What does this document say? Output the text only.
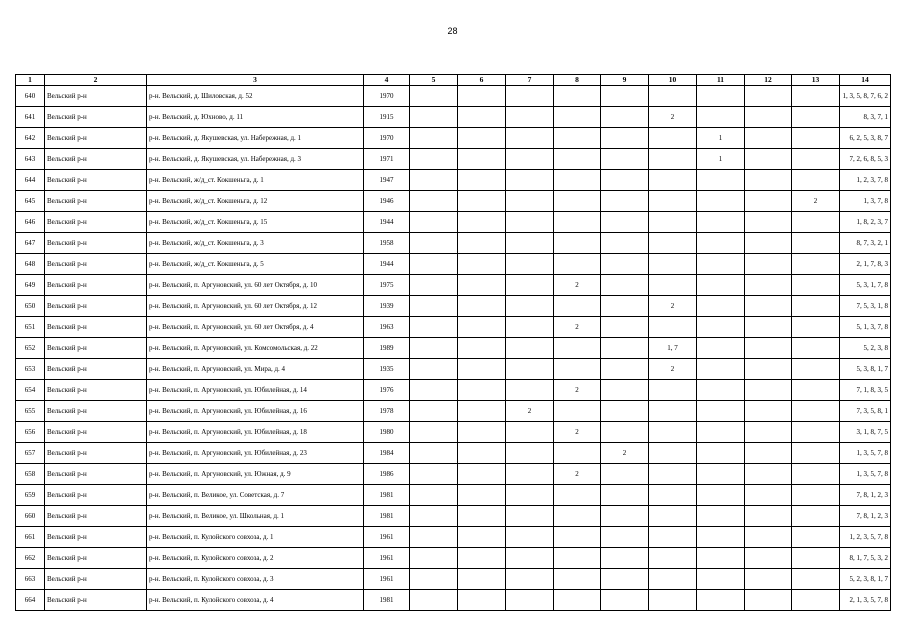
28
1	2	3	4	5	6	7	8	9	10	11	12	13	14
640	Вельский р-н	р-н. Вельский, д. Шиловская, д. 52	1970										1, 3, 5, 8, 7, 6, 2
641	Вельский р-н	р-н. Вельский, д. Юхново, д. 11	1915						2				8, 3, 7, 1
642	Вельский р-н	р-н. Вельский, д. Якушевская, ул. Набережная, д. 1	1970							1			6, 2, 5, 3, 8, 7
643	Вельский р-н	р-н. Вельский, д. Якушевская, ул. Набережная, д. 3	1971							1			7, 2, 6, 8, 5, 3
644	Вельский р-н	р-н. Вельский, ж/д_ст. Кокшеньга, д. 1	1947										1, 2, 3, 7, 8
645	Вельский р-н	р-н. Вельский, ж/д_ст. Кокшеньга, д. 12	1946									2	1, 3, 7, 8
646	Вельский р-н	р-н. Вельский, ж/д_ст. Кокшеньга, д. 15	1944										1, 8, 2, 3, 7
647	Вельский р-н	р-н. Вельский, ж/д_ст. Кокшеньга, д. 3	1958										8, 7, 3, 2, 1
648	Вельский р-н	р-н. Вельский, ж/д_ст. Кокшеньга, д. 5	1944										2, 1, 7, 8, 3
649	Вельский р-н	р-н. Вельский, п. Аргуновский, ул. 60 лет Октября, д. 10	1975				2						5, 3, 1, 7, 8
650	Вельский р-н	р-н. Вельский, п. Аргуновский, ул. 60 лет Октября, д. 12	1939						2				7, 5, 3, 1, 8
651	Вельский р-н	р-н. Вельский, п. Аргуновский, ул. 60 лет Октября, д. 4	1963				2						5, 1, 3, 7, 8
652	Вельский р-н	р-н. Вельский, п. Аргуновский, ул. Комсомольская, д. 22	1989						1, 7				5, 2, 3, 8
653	Вельский р-н	р-н. Вельский, п. Аргуновский, ул. Мира, д. 4	1935						2				5, 3, 8, 1, 7
654	Вельский р-н	р-н. Вельский, п. Аргуновский, ул. Юбилейная, д. 14	1976				2						7, 1, 8, 3, 5
655	Вельский р-н	р-н. Вельский, п. Аргуновский, ул. Юбилейная, д. 16	1978			2							7, 3, 5, 8, 1
656	Вельский р-н	р-н. Вельский, п. Аргуновский, ул. Юбилейная, д. 18	1980				2						3, 1, 8, 7, 5
657	Вельский р-н	р-н. Вельский, п. Аргуновский, ул. Юбилейная, д. 23	1984					2					1, 3, 5, 7, 8
658	Вельский р-н	р-н. Вельский, п. Аргуновский, ул. Южная, д. 9	1986				2						1, 3, 5, 7, 8
659	Вельский р-н	р-н. Вельский, п. Великое, ул. Советская, д. 7	1981										7, 8, 1, 2, 3
660	Вельский р-н	р-н. Вельский, п. Великое, ул. Школьная, д. 1	1981										7, 8, 1, 2, 3
661	Вельский р-н	р-н. Вельский, п. Кулойского совхоза, д. 1	1961										1, 2, 3, 5, 7, 8
662	Вельский р-н	р-н. Вельский, п. Кулойского совхоза, д. 2	1961										8, 1, 7, 5, 3, 2
663	Вельский р-н	р-н. Вельский, п. Кулойского совхоза, д. 3	1961										5, 2, 3, 8, 1, 7
664	Вельский р-н	р-н. Вельский, п. Кулойского совхоза, д. 4	1981										2, 1, 3, 5, 7, 8
